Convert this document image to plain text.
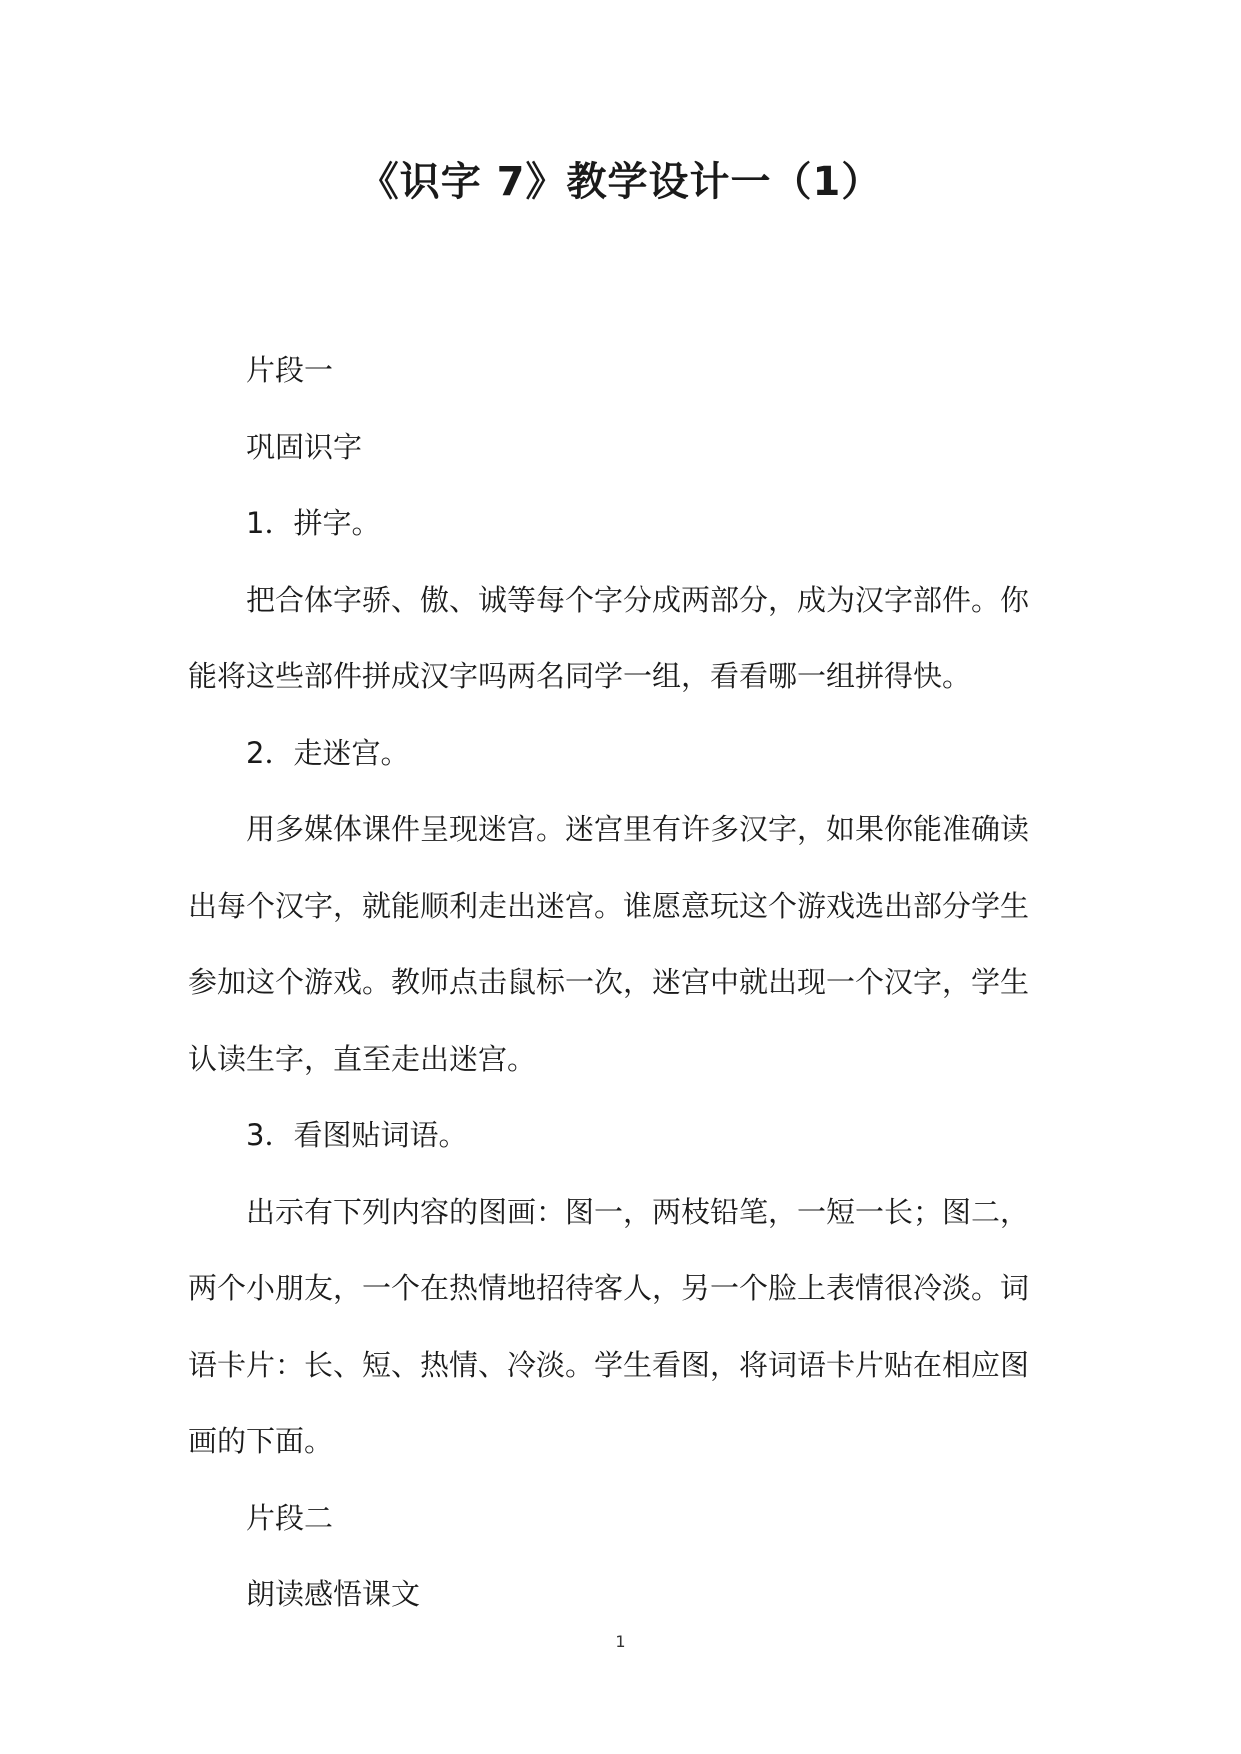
《识字 7》教学设计一（1）

片段一

巩固识字

1．拼字。

把合体字骄、傲、诚等每个字分成两部分，成为汉字部件。你能将这些部件拼成汉字吗两名同学一组，看看哪一组拼得快。

2．走迷宫。

用多媒体课件呈现迷宫。迷宫里有许多汉字，如果你能准确读出每个汉字，就能顺利走出迷宫。谁愿意玩这个游戏选出部分学生参加这个游戏。教师点击鼠标一次，迷宫中就出现一个汉字，学生认读生字，直至走出迷宫。

3．看图贴词语。

出示有下列内容的图画：图一，两枝铅笔，一短一长；图二，两个小朋友，一个在热情地招待客人，另一个脸上表情很冷淡。词语卡片：长、短、热情、冷淡。学生看图，将词语卡片贴在相应图画的下面。

片段二

朗读感悟课文

1
